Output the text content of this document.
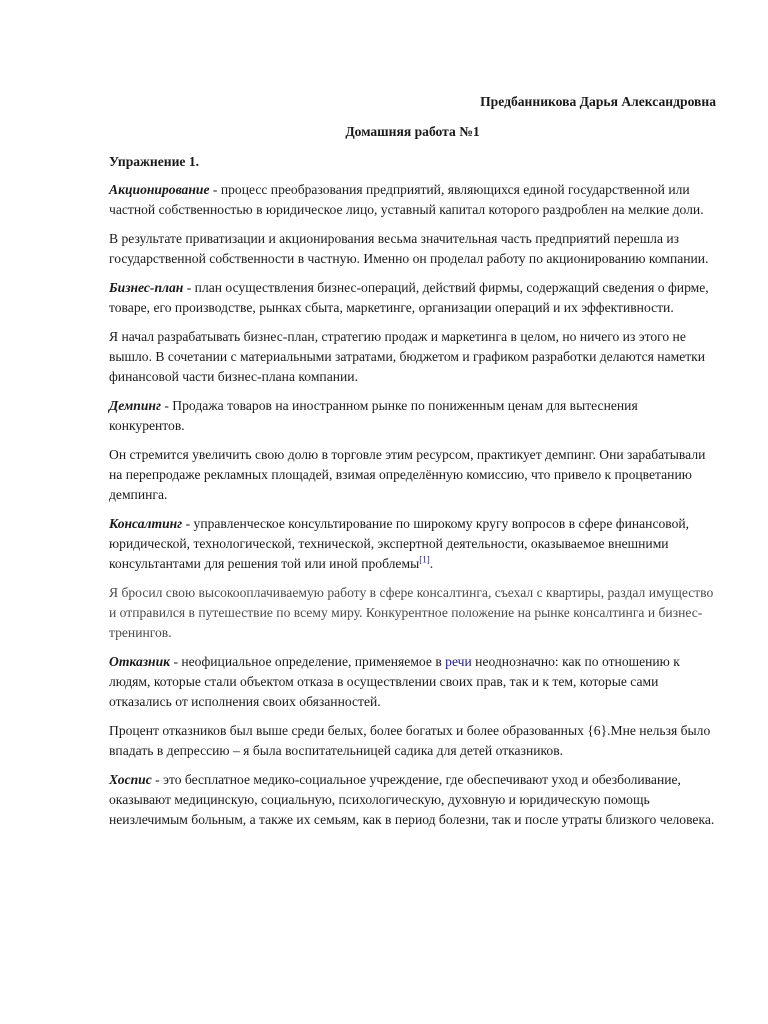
Предбанникова Дарья Александровна
Домашняя работа №1
Упражнение 1.

Акционирование - процесс преобразования предприятий, являющихся единой государственной или частной собственностью в юридическое лицо, уставный капитал которого раздроблен на мелкие доли.

В результате приватизации и акционирования весьма значительная часть предприятий перешла из государственной собственности в частную. Именно он проделал работу по акционированию компании.

Бизнес-план - план осуществления бизнес-операций, действий фирмы, содержащий сведения о фирме, товаре, его производстве, рынках сбыта, маркетинге, организации операций и их эффективности.

Я начал разрабатывать бизнес-план, стратегию продаж и маркетинга в целом, но ничего из этого не вышло. В сочетании с материальными затратами, бюджетом и графиком разработки делаются наметки финансовой части бизнес-плана компании.

Демпинг - Продажа товаров на иностранном рынке по пониженным ценам для вытеснения конкурентов.

Он стремится увеличить свою долю в торговле этим ресурсом, практикует демпинг. Они зарабатывали на перепродаже рекламных площадей, взимая определённую комиссию, что привело к процветанию демпинга.

Консалтинг - управленческое консультирование по широкому кругу вопросов в сфере финансовой, юридической, технологической, технической, экспертной деятельности, оказываемое внешними консультантами для решения той или иной проблемы[1].

Я бросил свою высокооплачиваемую работу в сфере консалтинга, съехал с квартиры, раздал имущество и отправился в путешествие по всему миру. Конкурентное положение на рынке консалтинга и бизнес-тренингов.

Отказник - неофициальное определение, применяемое в речи неоднозначно: как по отношению к людям, которые стали объектом отказа в осуществлении своих прав, так и к тем, которые сами отказались от исполнения своих обязанностей.

Процент отказников был выше среди белых, более богатых и более образованных {6}.Мне нельзя было впадать в депрессию – я была воспитательницей садика для детей отказников.

Хоспис - это бесплатное медико-социальное учреждение, где обеспечивают уход и обезболивание, оказывают медицинскую, социальную, психологическую, духовную и юридическую помощь неизлечимым больным, а также их семьям, как в период болезни, так и после утраты близкого человека.
